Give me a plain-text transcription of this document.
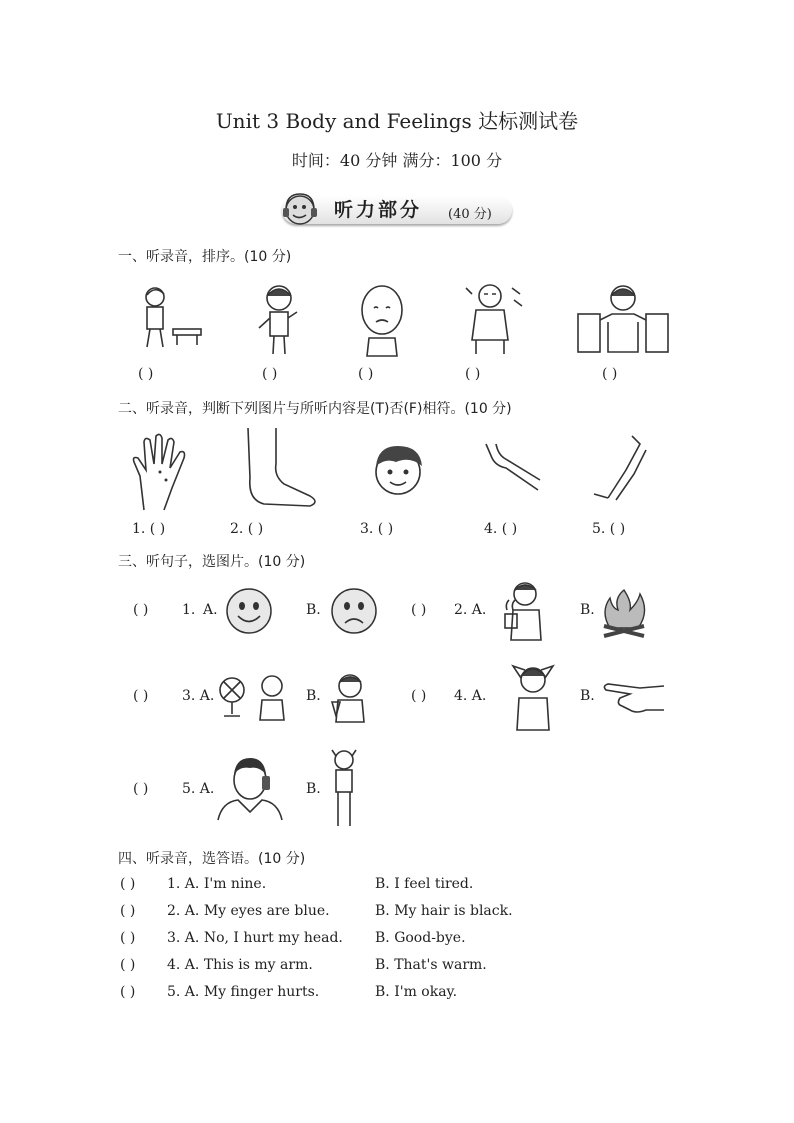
Unit 3 Body and Feelings 达标测试卷
时间：40 分钟 满分：100 分
听力部分 (40 分)
一、听录音，排序。(10 分)
( )	( )	( )	( )	( )
二、听录音，判断下列图片与所听内容是(T)否(F)相符。(10 分)
1. ( )	2. ( )	3. ( )	4. ( )	5. ( )
三、听句子，选图片。(10 分)
( ) 1. A.	B.	( ) 2. A.	B.
( ) 3. A.	B.	( ) 4. A.	B.
( ) 5. A.	B.
四、听录音，选答语。(10 分)
( ) 1. A. I'm nine.	B. I feel tired.
( ) 2. A. My eyes are blue.	B. My hair is black.
( ) 3. A. No, I hurt my head. B. Good-bye.
( ) 4. A. This is my arm.	B. That's warm.
( ) 5. A. My finger hurts.	B. I'm okay.
